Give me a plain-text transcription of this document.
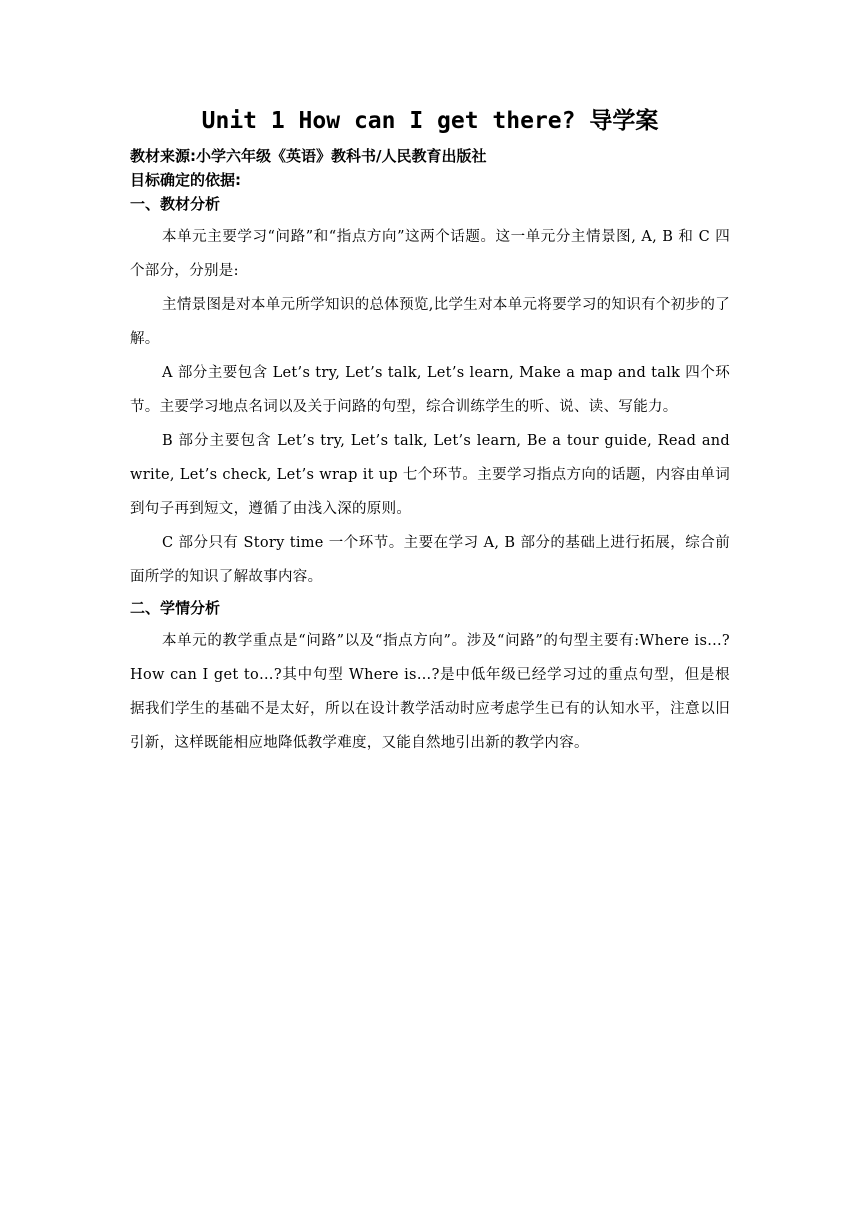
Unit 1 How can I get there? 导学案

教材来源:小学六年级《英语》教科书/人民教育出版社

目标确定的依据:

一、教材分析

本单元主要学习“问路”和“指点方向”这两个话题。这一单元分主情景图, A, B 和 C 四个部分，分别是:

主情景图是对本单元所学知识的总体预览,比学生对本单元将要学习的知识有个初步的了解。

A 部分主要包含 Let’s try, Let’s talk, Let’s learn, Make a map and talk 四个环节。主要学习地点名词以及关于问路的句型，综合训练学生的听、说、读、写能力。

B 部分主要包含 Let’s try, Let’s talk, Let’s learn, Be a tour guide, Read and write, Let’s check, Let’s wrap it up 七个环节。主要学习指点方向的话题，内容由单词到句子再到短文，遵循了由浅入深的原则。

C 部分只有 Story time 一个环节。主要在学习 A, B 部分的基础上进行拓展，综合前面所学的知识了解故事内容。

二、学情分析

本单元的教学重点是“问路”以及“指点方向”。涉及“问路”的句型主要有:Where is...? How can I get to…?其中句型 Where is…?是中低年级已经学习过的重点句型，但是根据我们学生的基础不是太好，所以在设计教学活动时应考虑学生已有的认知水平，注意以旧引新，这样既能相应地降低教学难度，又能自然地引出新的教学内容。
